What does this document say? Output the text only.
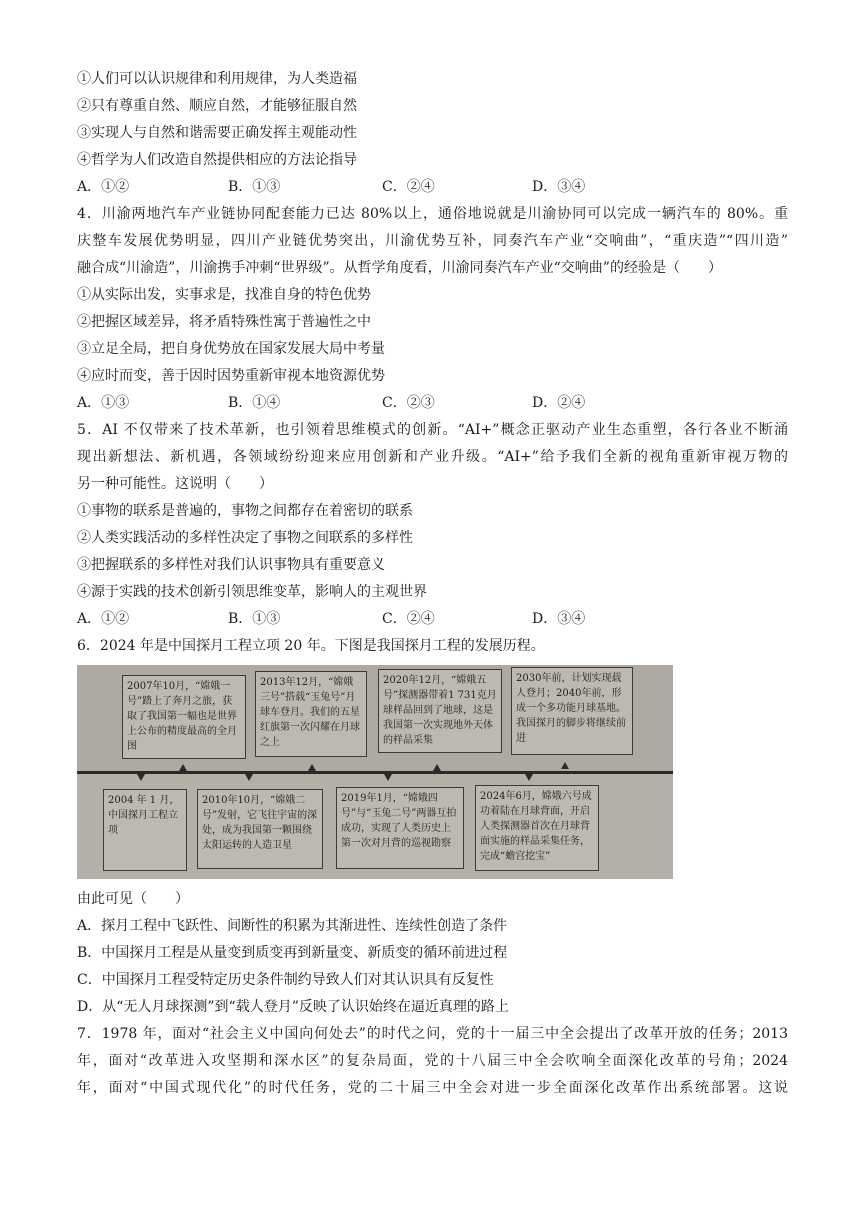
①人们可以认识规律和利用规律，为人类造福
②只有尊重自然、顺应自然，才能够征服自然
③实现人与自然和谐需要正确发挥主观能动性
④哲学为人们改造自然提供相应的方法论指导
A．①②	B．①③	C．②④	D．③④
4．川渝两地汽车产业链协同配套能力已达 80%以上，通俗地说就是川渝协同可以完成一辆汽车的 80%。重
庆整车发展优势明显，四川产业链优势突出，川渝优势互补，同奏汽车产业“交响曲”，“重庆造”“四川造”
融合成“川渝造”，川渝携手冲刺“世界级”。从哲学角度看，川渝同奏汽车产业“交响曲”的经验是（　　）
①从实际出发，实事求是，找准自身的特色优势
②把握区域差异，将矛盾特殊性寓于普遍性之中
③立足全局，把自身优势放在国家发展大局中考量
④应时而变，善于因时因势重新审视本地资源优势
A．①③	B．①④	C．②③	D．②④
5．AI 不仅带来了技术革新，也引领着思维模式的创新。“AI+”概念正驱动产业生态重塑，各行各业不断涌
现出新想法、新机遇，各领域纷纷迎来应用创新和产业升级。“AI+”给予我们全新的视角重新审视万物的
另一种可能性。这说明（　　）
①事物的联系是普遍的，事物之间都存在着密切的联系
②人类实践活动的多样性决定了事物之间联系的多样性
③把握联系的多样性对我们认识事物具有重要意义
④源于实践的技术创新引领思维变革，影响人的主观世界
A．①②	B．①③	C．②④	D．③④
6．2024 年是中国探月工程立项 20 年。下图是我国探月工程的发展历程。
2007年10月，“嫦娥一号”踏上了奔月之旅，获取了我国第一幅也是世界上公布的精度最高的全月图
2013年12月，“嫦娥三号”搭载“玉兔号”月球车登月。我们的五星红旗第一次闪耀在月球之上
2020年12月，“嫦娥五号”探测器带着1 731克月球样品回到了地球，这是我国第一次实现地外天体的样品采集
2030年前，计划实现载人登月；2040年前，形成一个多功能月球基地。我国探月的脚步将继续前进
2004 年 1 月，中国探月工程立项
2010年10月，“嫦娥二号”发射，它飞往宇宙的深处，成为我国第一颗围绕太阳运转的人造卫星
2019年1月，“嫦娥四号”与“玉兔二号”两器互拍成功，实现了人类历史上第一次对月背的巡视勘察
2024年6月，嫦娥六号成功着陆在月球背面，开启人类探测器首次在月球背面实施的样品采集任务，完成“蟾宫挖宝”
由此可见（　　）
A．探月工程中飞跃性、间断性的积累为其渐进性、连续性创造了条件
B．中国探月工程是从量变到质变再到新量变、新质变的循环前进过程
C．中国探月工程受特定历史条件制约导致人们对其认识具有反复性
D．从“无人月球探测”到“载人登月”反映了认识始终在逼近真理的路上
7．1978 年，面对“社会主义中国向何处去”的时代之问，党的十一届三中全会提出了改革开放的任务；2013
年，面对“改革进入攻坚期和深水区”的复杂局面，党的十八届三中全会吹响全面深化改革的号角；2024
年，面对“中国式现代化”的时代任务，党的二十届三中全会对进一步全面深化改革作出系统部署。这说
